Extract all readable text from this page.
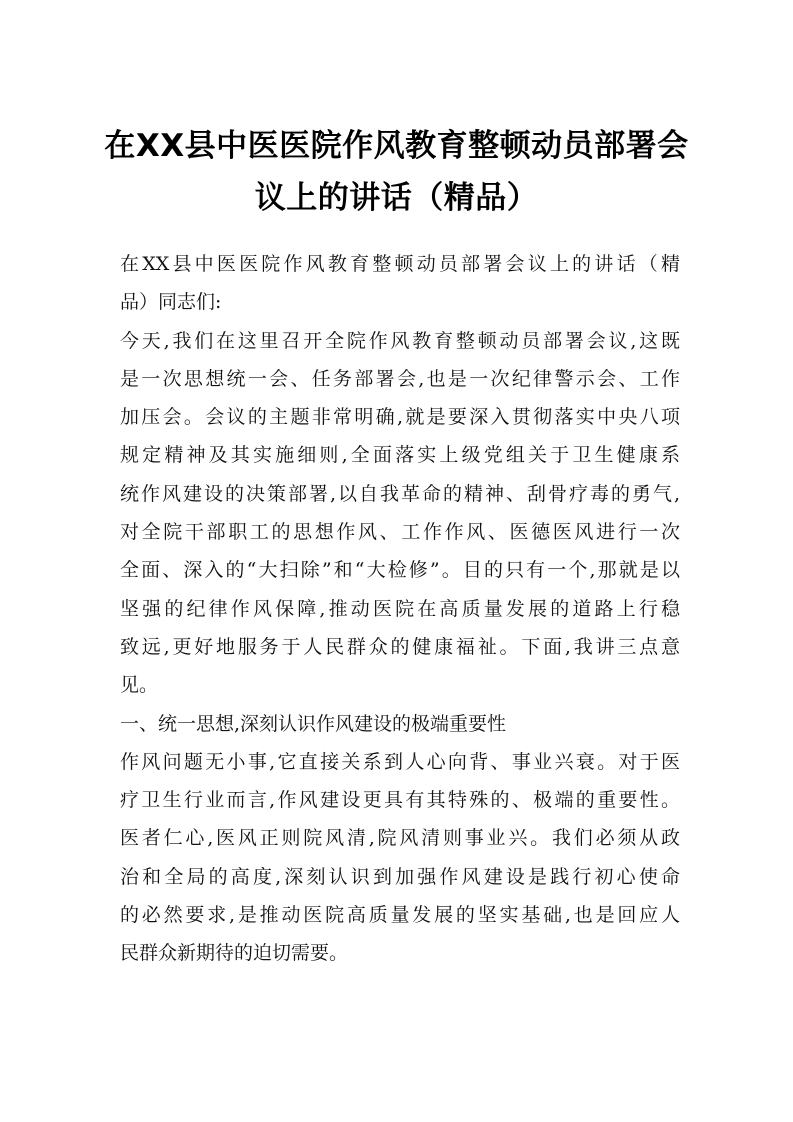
在XX县中医医院作风教育整顿动员部署会
议上的讲话（精品）
在XX县中医医院作风教育整顿动员部署会议上的讲话（精
品）同志们:
今天,我们在这里召开全院作风教育整顿动员部署会议,这既
是一次思想统一会、任务部署会,也是一次纪律警示会、工作
加压会。会议的主题非常明确,就是要深入贯彻落实中央八项
规定精神及其实施细则,全面落实上级党组关于卫生健康系
统作风建设的决策部署,以自我革命的精神、刮骨疗毒的勇气,
对全院干部职工的思想作风、工作作风、医德医风进行一次
全面、深入的“大扫除”和“大检修”。目的只有一个,那就是以
坚强的纪律作风保障,推动医院在高质量发展的道路上行稳
致远,更好地服务于人民群众的健康福祉。下面,我讲三点意
见。
一、统一思想,深刻认识作风建设的极端重要性
作风问题无小事,它直接关系到人心向背、事业兴衰。对于医
疗卫生行业而言,作风建设更具有其特殊的、极端的重要性。
医者仁心,医风正则院风清,院风清则事业兴。我们必须从政
治和全局的高度,深刻认识到加强作风建设是践行初心使命
的必然要求,是推动医院高质量发展的坚实基础,也是回应人
民群众新期待的迫切需要。
